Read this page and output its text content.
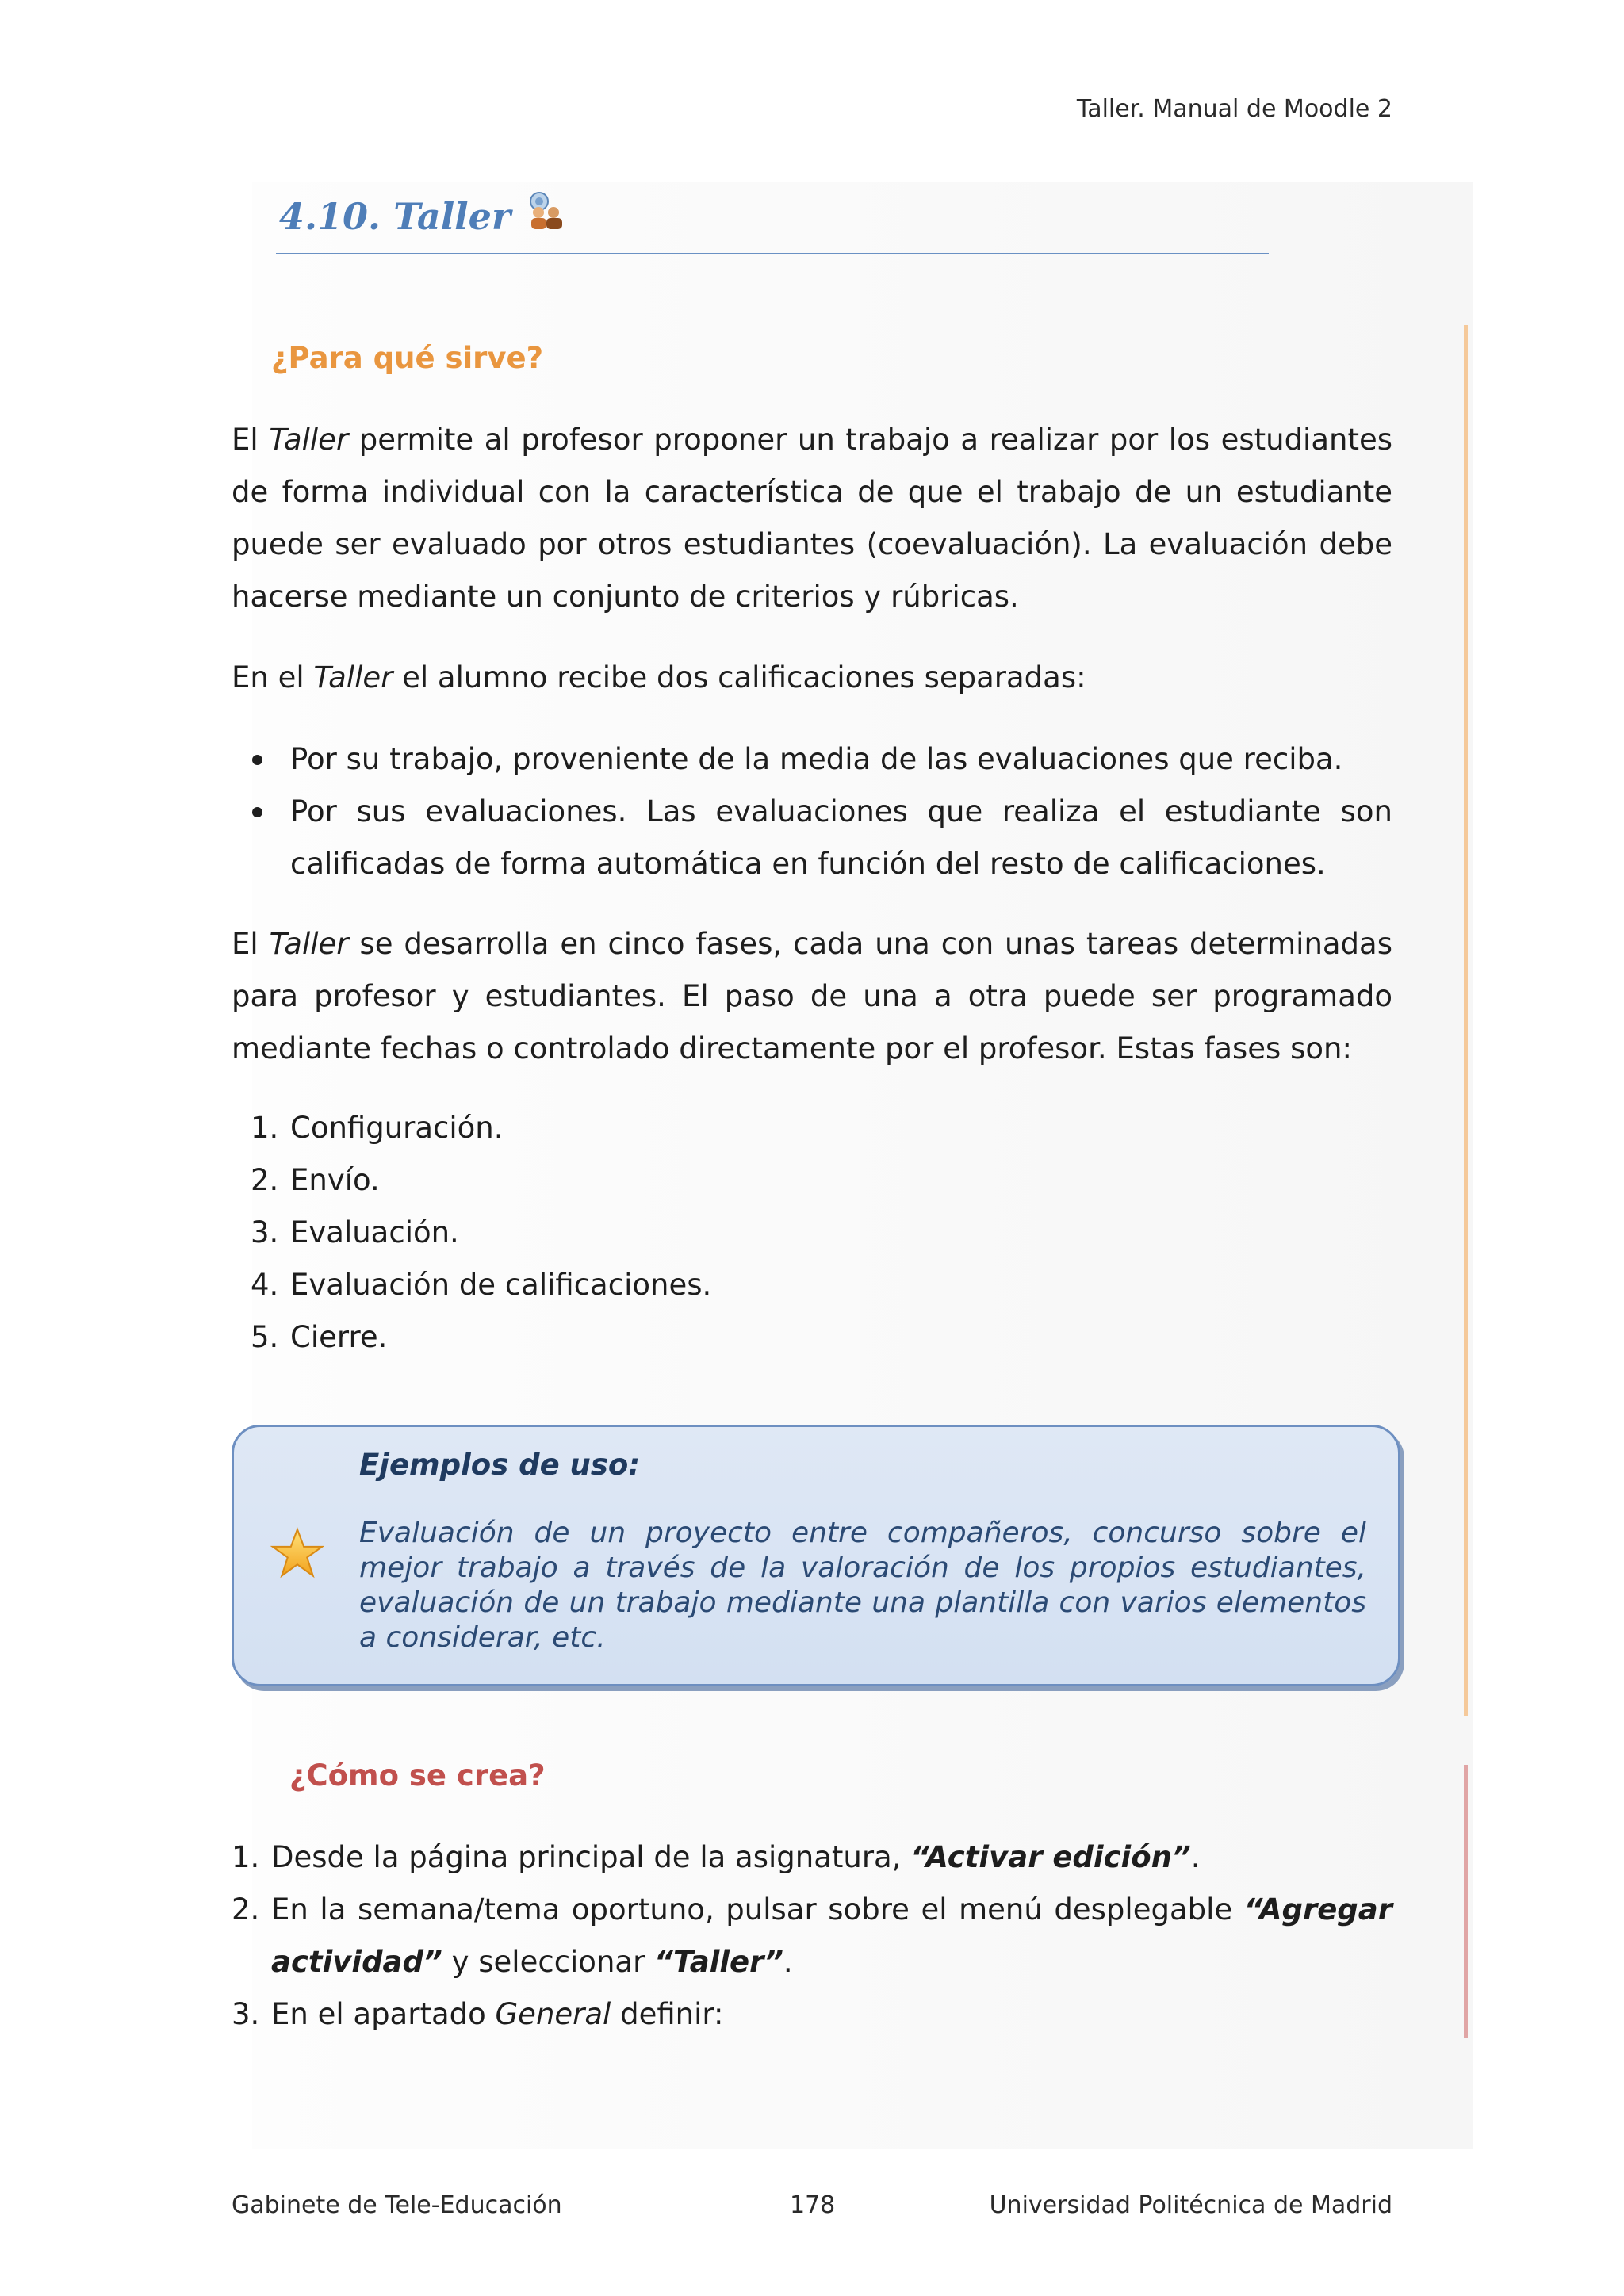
Taller. Manual de Moodle 2
4.10. Taller
¿Para qué sirve?

El Taller permite al profesor proponer un trabajo a realizar por los estudiantes de forma individual con la característica de que el trabajo de un estudiante puede ser evaluado por otros estudiantes (coevaluación). La evaluación debe hacerse mediante un conjunto de criterios y rúbricas.

En el Taller el alumno recibe dos calificaciones separadas:

Por su trabajo, proveniente de la media de las evaluaciones que reciba.
Por sus evaluaciones. Las evaluaciones que realiza el estudiante son calificadas de forma automática en función del resto de calificaciones.

El Taller se desarrolla en cinco fases, cada una con unas tareas determinadas para profesor y estudiantes. El paso de una a otra puede ser programado mediante fechas o controlado directamente por el profesor. Estas fases son:

1. Configuración.
2. Envío.
3. Evaluación.
4. Evaluación de calificaciones.
5. Cierre.
Ejemplos de uso:
Evaluación de un proyecto entre compañeros, concurso sobre el mejor trabajo a través de la valoración de los propios estudiantes, evaluación de un trabajo mediante una plantilla con varios elementos a considerar, etc.
¿Cómo se crea?
1. Desde la página principal de la asignatura, “Activar edición”.
2. En la semana/tema oportuno, pulsar sobre el menú desplegable “Agregar actividad” y seleccionar “Taller”.
3. En el apartado General definir:
Gabinete de Tele-Educación	178	Universidad Politécnica de Madrid
